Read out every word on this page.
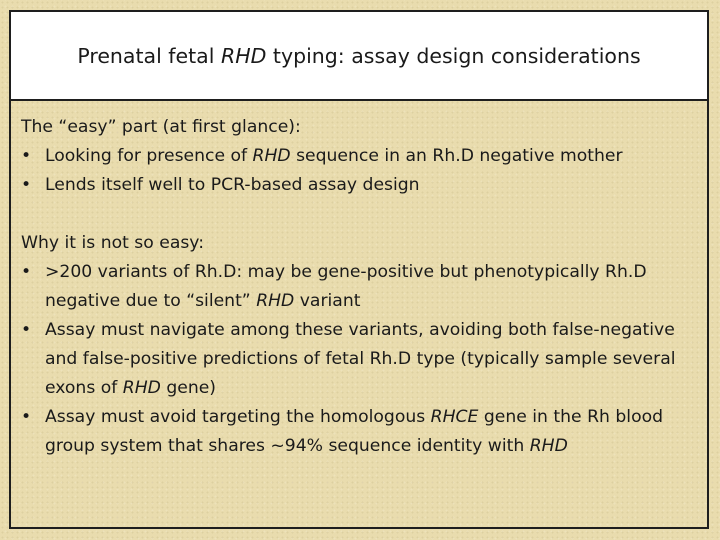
Prenatal fetal RHD typing: assay design considerations

The “easy” part (at first glance):

• Looking for presence of RHD sequence in an Rh.D negative mother
• Lends itself well to PCR-based assay design

Why it is not so easy:

• >200 variants of Rh.D: may be gene-positive but phenotypically Rh.D negative due to “silent” RHD variant
• Assay must navigate among these variants, avoiding both false-negative and false-positive predictions of fetal Rh.D type (typically sample several exons of RHD gene)
• Assay must avoid targeting the homologous RHCE gene in the Rh blood group system that shares ~94% sequence identity with RHD
